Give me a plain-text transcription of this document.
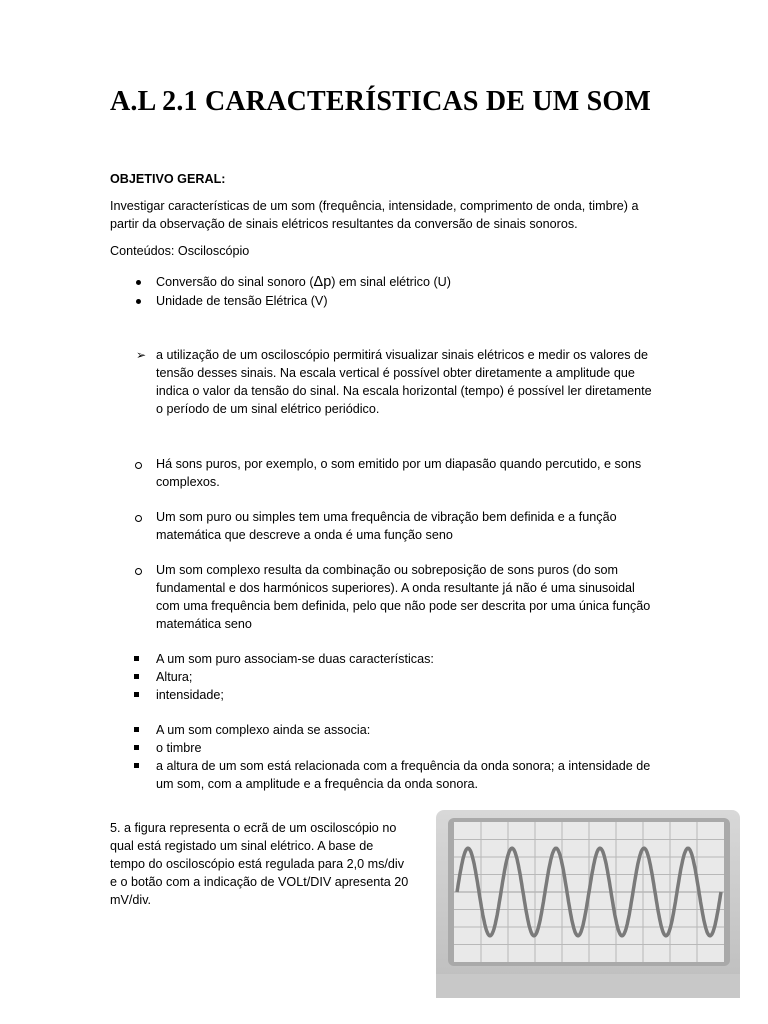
A.L 2.1 CARACTERÍSTICAS DE UM SOM

OBJETIVO GERAL:

Investigar características de um som (frequência, intensidade, comprimento de onda, timbre) a partir da observação de sinais elétricos resultantes da conversão de sinais sonoros.

Conteúdos: Osciloscópio

Conversão do sinal sonoro (Δp) em sinal elétrico (U)

Unidade de tensão Elétrica (V)

➢ a utilização de um osciloscópio permitirá visualizar sinais elétricos e medir os valores de tensão desses sinais. Na escala vertical é possível obter diretamente a amplitude que indica o valor da tensão do sinal. Na escala horizontal (tempo) é possível ler diretamente o período de um sinal elétrico periódico.

Há sons puros, por exemplo, o som emitido por um diapasão quando percutido, e sons complexos.

Um som puro ou simples tem uma frequência de vibração bem definida e a função matemática que descreve a onda é uma função seno

Um som complexo resulta da combinação ou sobreposição de sons puros (do som fundamental e dos harmónicos superiores). A onda resultante já não é uma sinusoidal com uma frequência bem definida, pelo que não pode ser descrita por uma única função matemática seno

A um som puro associam-se duas características:

Altura;

intensidade;

A um som complexo ainda se associa:

o timbre

a altura de um som está relacionada com a frequência da onda sonora; a intensidade de um som, com a amplitude e a frequência da onda sonora.

5. a figura representa o ecrã de um osciloscópio no qual está registado um sinal elétrico. A base de tempo do osciloscópio está regulada para 2,0 ms/div e o botão com a indicação de VOLt/DIV apresenta 20 mV/div.
